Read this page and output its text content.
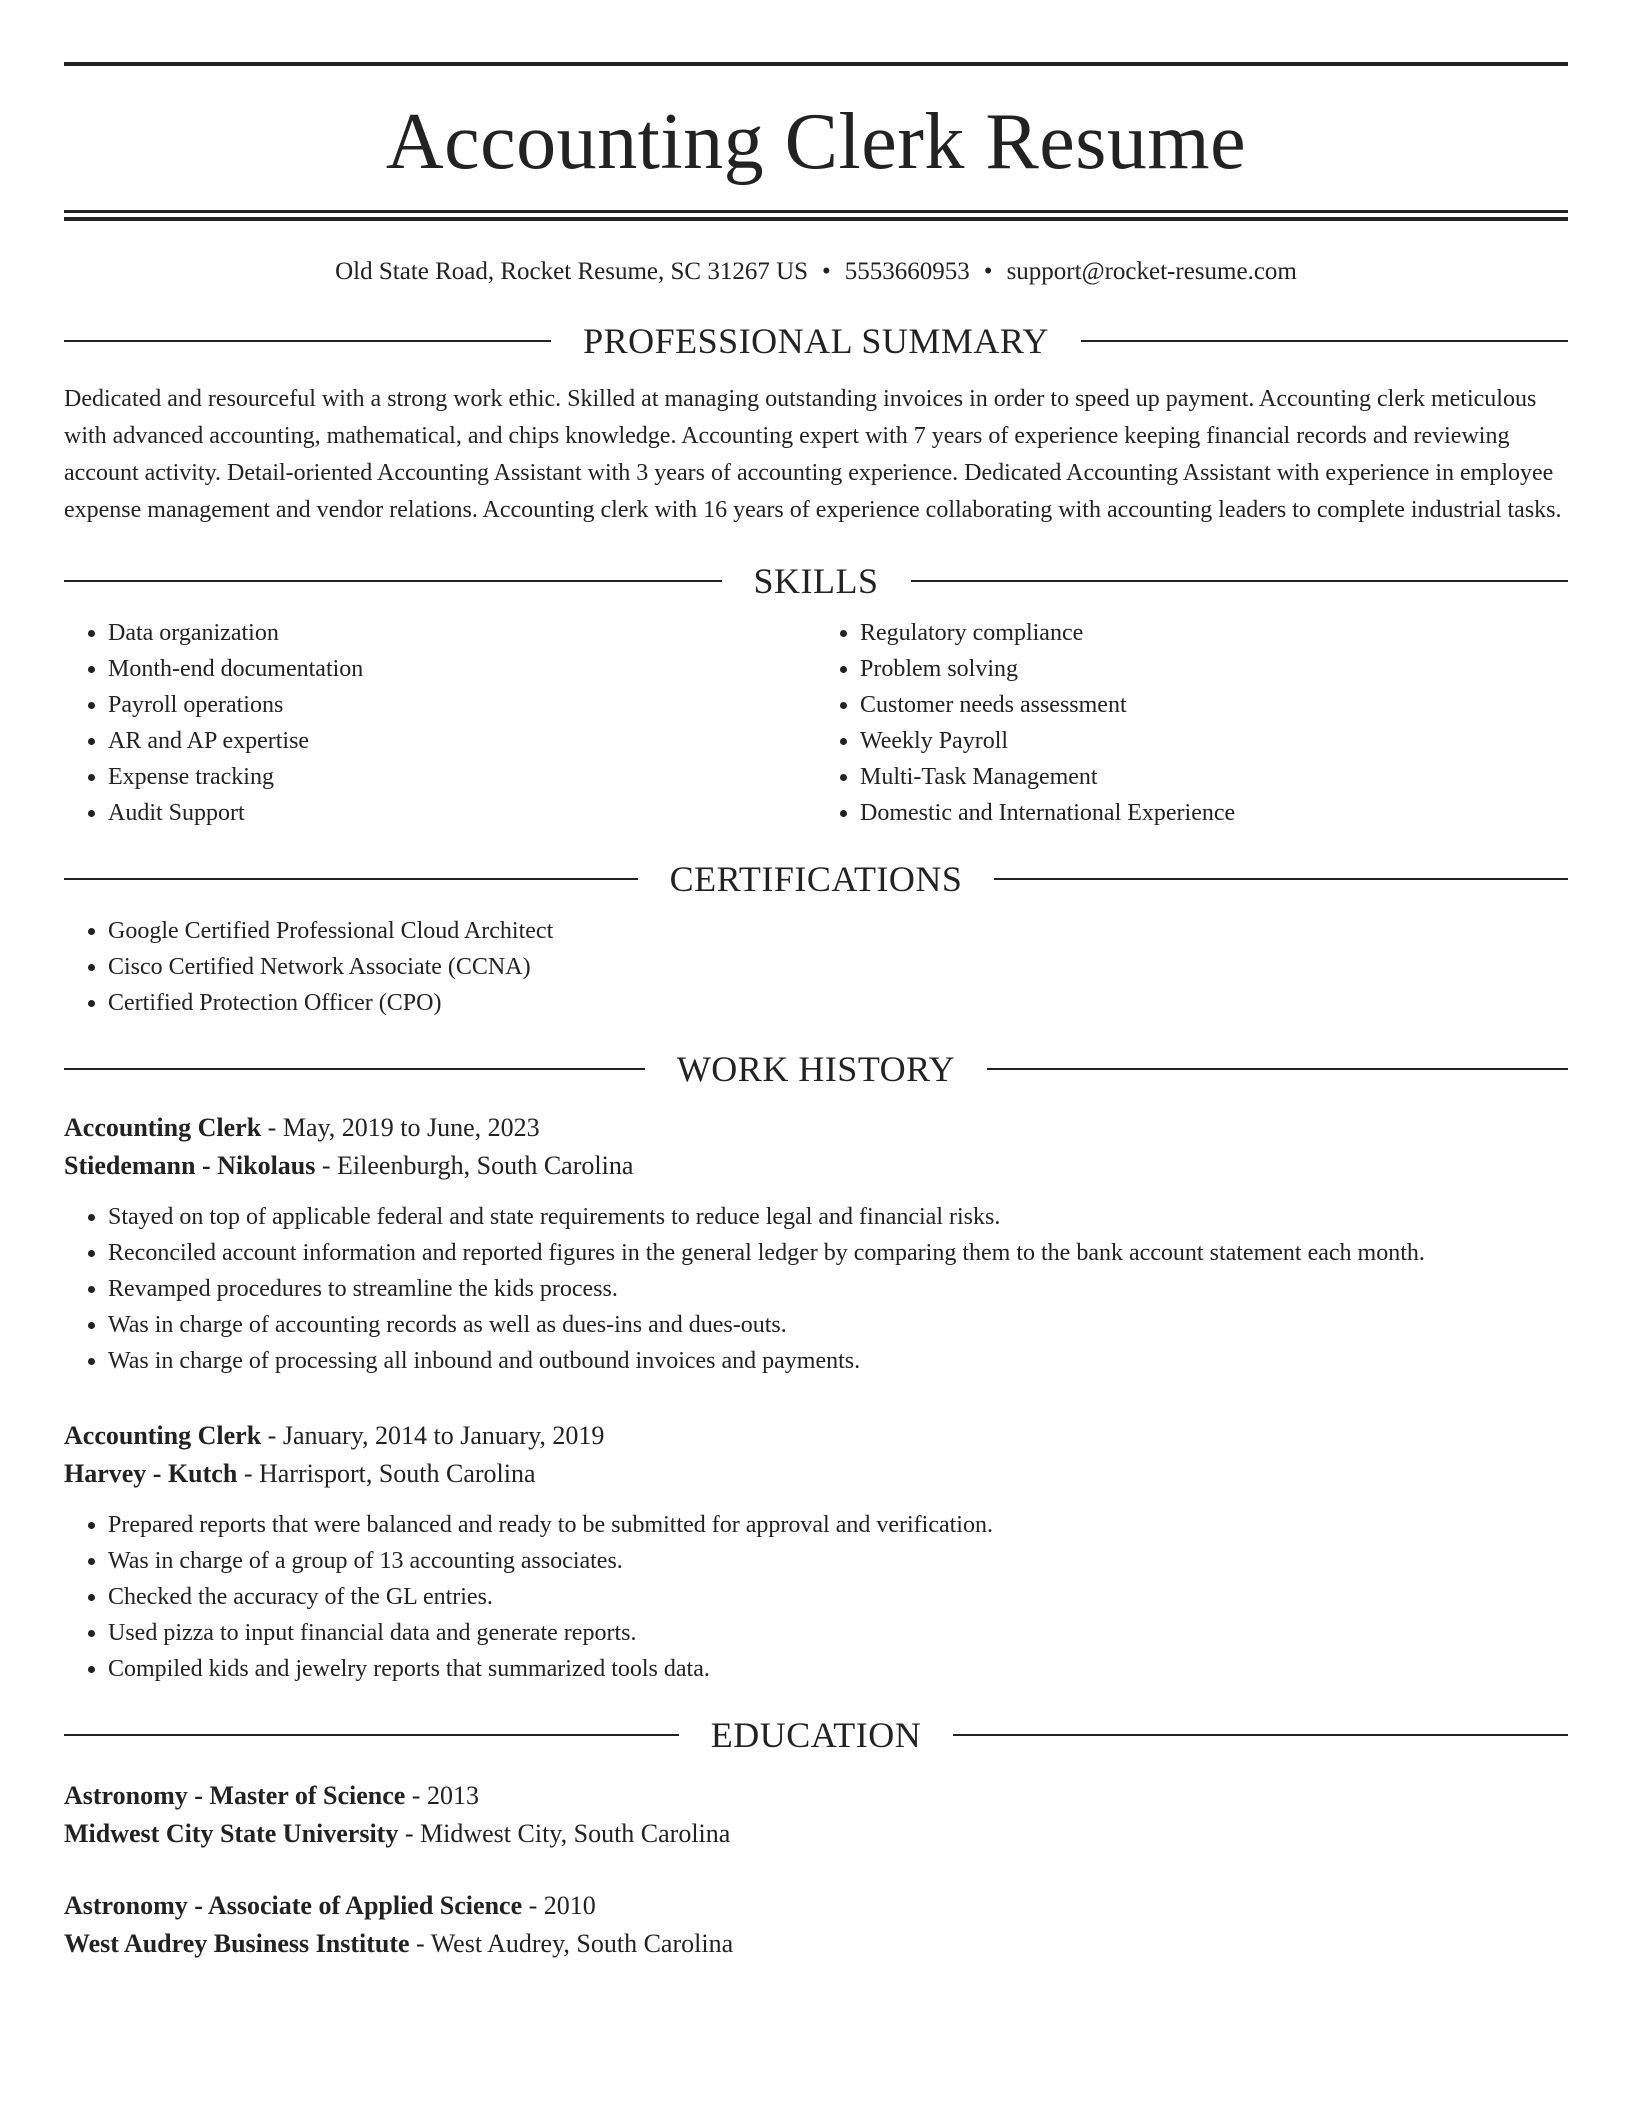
Accounting Clerk Resume
Old State Road, Rocket Resume, SC 31267 US • 5553660953 • support@rocket-resume.com
PROFESSIONAL SUMMARY

Dedicated and resourceful with a strong work ethic. Skilled at managing outstanding invoices in order to speed up payment. Accounting clerk meticulous with advanced accounting, mathematical, and chips knowledge. Accounting expert with 7 years of experience keeping financial records and reviewing account activity. Detail-oriented Accounting Assistant with 3 years of accounting experience. Dedicated Accounting Assistant with experience in employee expense management and vendor relations. Accounting clerk with 16 years of experience collaborating with accounting leaders to complete industrial tasks.

SKILLS
• Data organization
• Month-end documentation
• Payroll operations
• AR and AP expertise
• Expense tracking
• Audit Support
• Regulatory compliance
• Problem solving
• Customer needs assessment
• Weekly Payroll
• Multi-Task Management
• Domestic and International Experience
CERTIFICATIONS
• Google Certified Professional Cloud Architect
• Cisco Certified Network Associate (CCNA)
• Certified Protection Officer (CPO)
WORK HISTORY
Accounting Clerk - May, 2019 to June, 2023
Stiedemann - Nikolaus - Eileenburgh, South Carolina
• Stayed on top of applicable federal and state requirements to reduce legal and financial risks.
• Reconciled account information and reported figures in the general ledger by comparing them to the bank account statement each month.
• Revamped procedures to streamline the kids process.
• Was in charge of accounting records as well as dues-ins and dues-outs.
• Was in charge of processing all inbound and outbound invoices and payments.
Accounting Clerk - January, 2014 to January, 2019
Harvey - Kutch - Harrisport, South Carolina
• Prepared reports that were balanced and ready to be submitted for approval and verification.
• Was in charge of a group of 13 accounting associates.
• Checked the accuracy of the GL entries.
• Used pizza to input financial data and generate reports.
• Compiled kids and jewelry reports that summarized tools data.
EDUCATION
Astronomy - Master of Science - 2013
Midwest City State University - Midwest City, South Carolina
Astronomy - Associate of Applied Science - 2010
West Audrey Business Institute - West Audrey, South Carolina
